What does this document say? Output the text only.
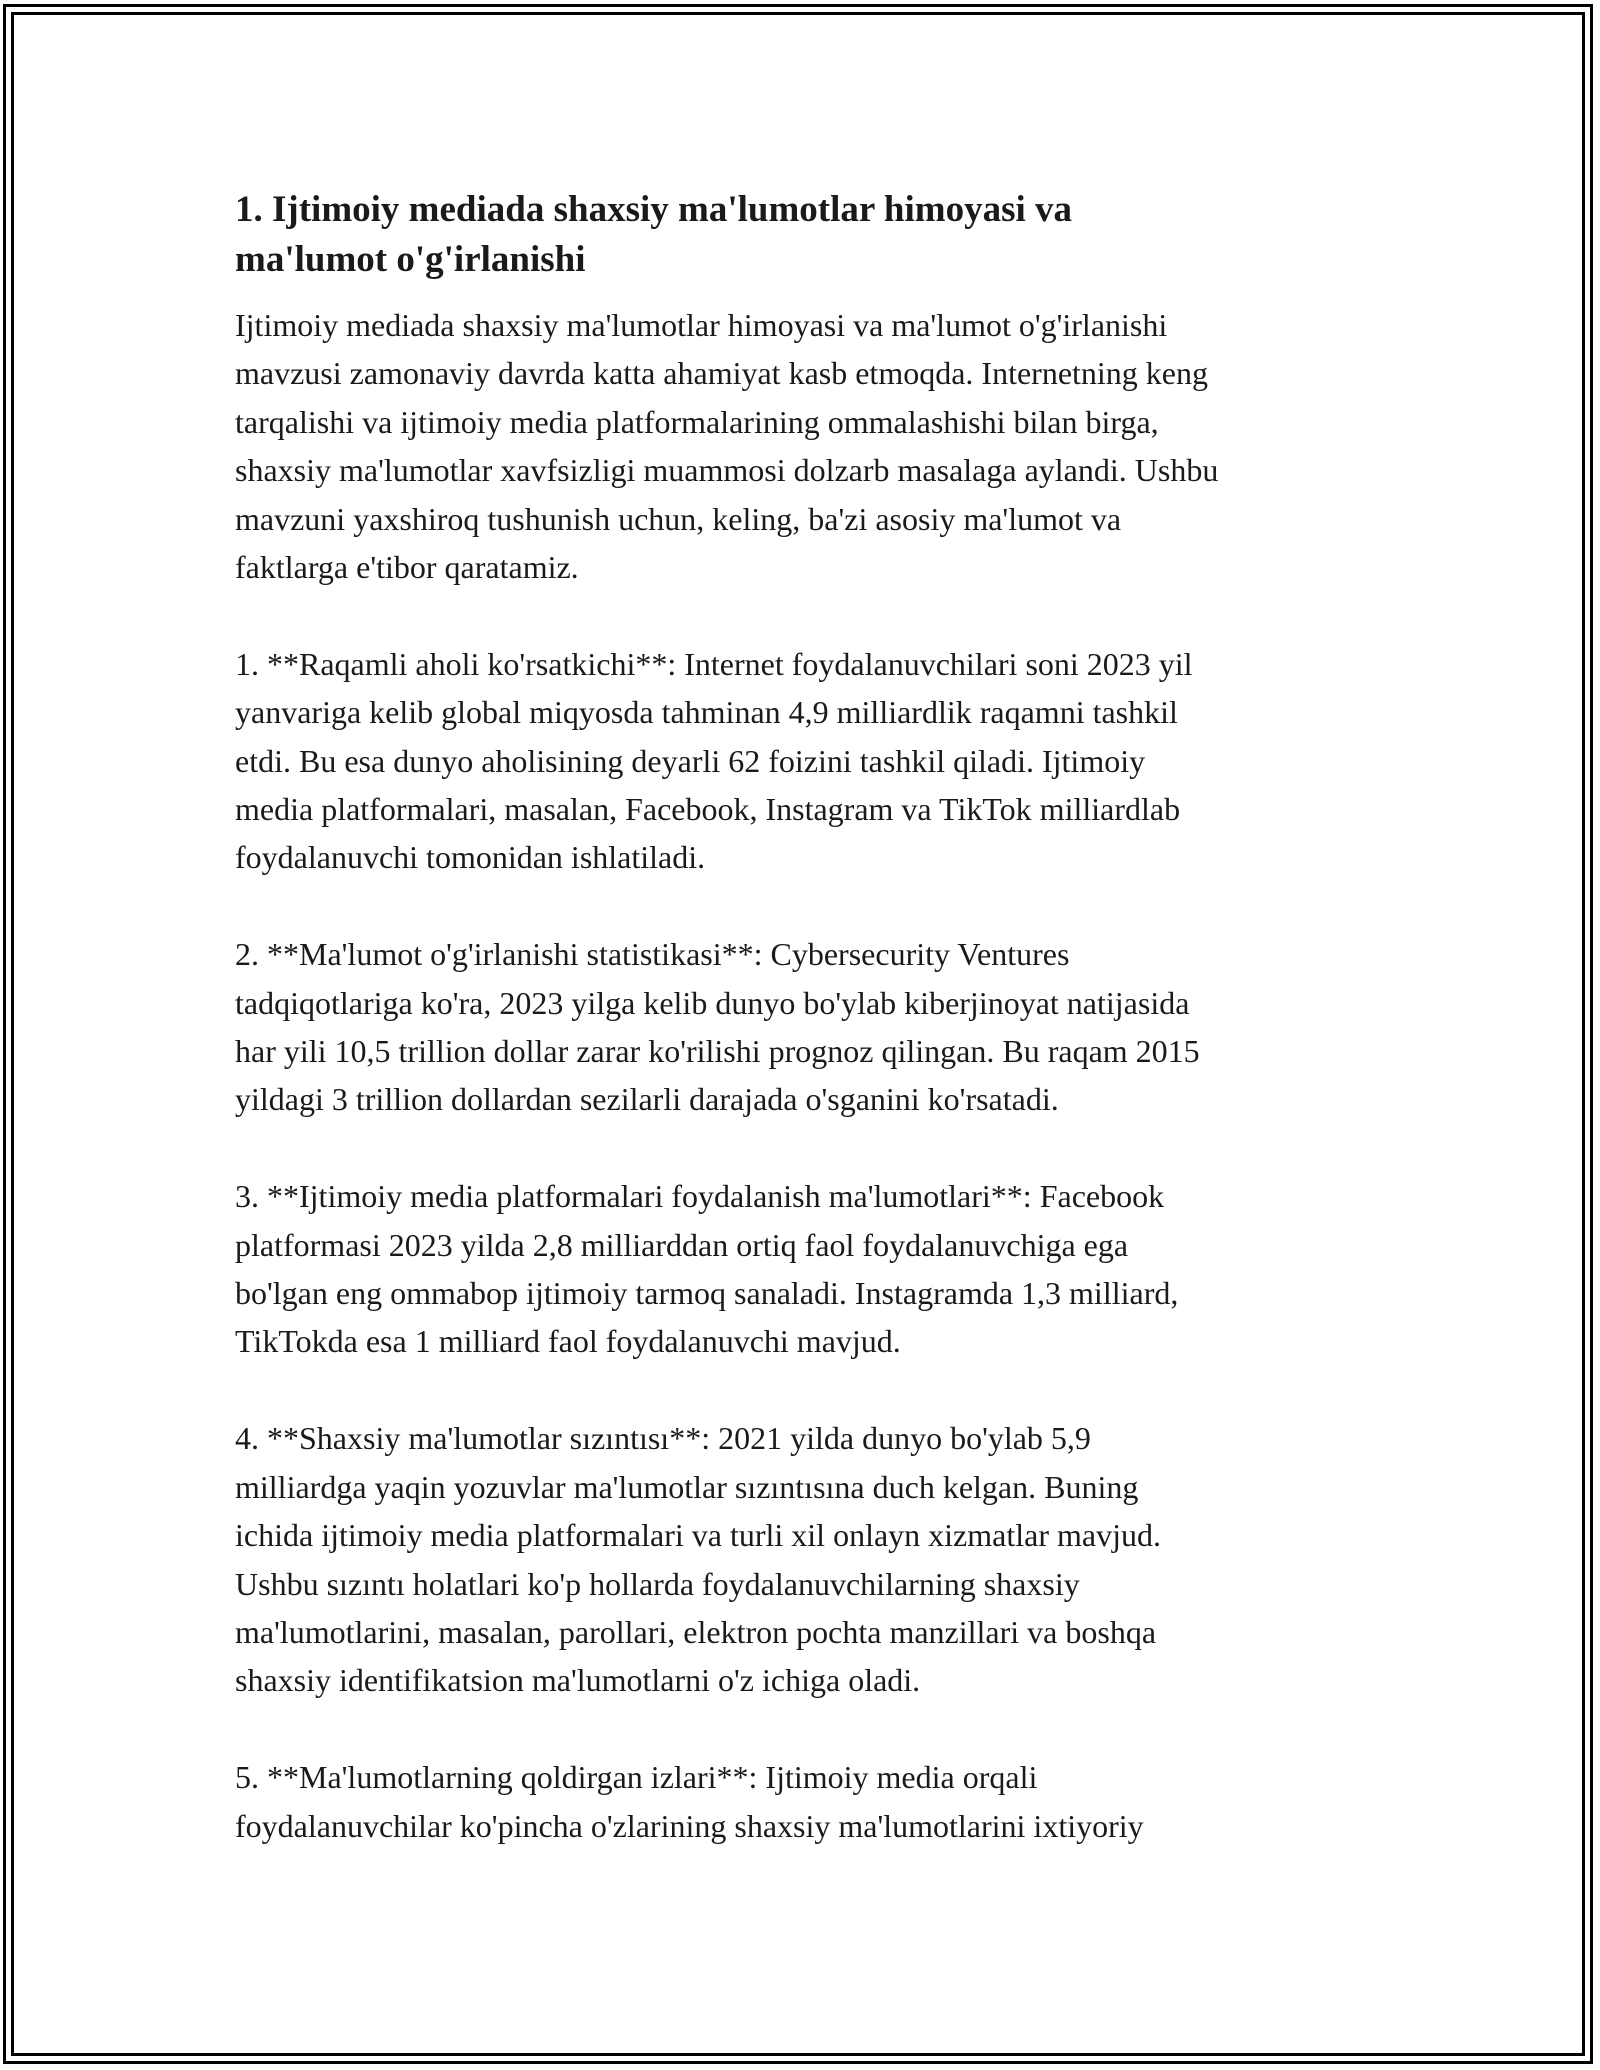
1. Ijtimoiy mediada shaxsiy ma'lumotlar himoyasi va
ma'lumot o'g'irlanishi

Ijtimoiy mediada shaxsiy ma'lumotlar himoyasi va ma'lumot o'g'irlanishi
mavzusi zamonaviy davrda katta ahamiyat kasb etmoqda. Internetning keng
tarqalishi va ijtimoiy media platformalarining ommalashishi bilan birga,
shaxsiy ma'lumotlar xavfsizligi muammosi dolzarb masalaga aylandi. Ushbu
mavzuni yaxshiroq tushunish uchun, keling, ba'zi asosiy ma'lumot va
faktlarga e'tibor qaratamiz.

1. **Raqamli aholi ko'rsatkichi**: Internet foydalanuvchilari soni 2023 yil
yanvariga kelib global miqyosda tahminan 4,9 milliardlik raqamni tashkil
etdi. Bu esa dunyo aholisining deyarli 62 foizini tashkil qiladi. Ijtimoiy
media platformalari, masalan, Facebook, Instagram va TikTok milliardlab
foydalanuvchi tomonidan ishlatiladi.

2. **Ma'lumot o'g'irlanishi statistikasi**: Cybersecurity Ventures
tadqiqotlariga ko'ra, 2023 yilga kelib dunyo bo'ylab kiberjinoyat natijasida
har yili 10,5 trillion dollar zarar ko'rilishi prognoz qilingan. Bu raqam 2015
yildagi 3 trillion dollardan sezilarli darajada o'sganini ko'rsatadi.

3. **Ijtimoiy media platformalari foydalanish ma'lumotlari**: Facebook
platformasi 2023 yilda 2,8 milliarddan ortiq faol foydalanuvchiga ega
bo'lgan eng ommabop ijtimoiy tarmoq sanaladi. Instagramda 1,3 milliard,
TikTokda esa 1 milliard faol foydalanuvchi mavjud.

4. **Shaxsiy ma'lumotlar sızıntısı**: 2021 yilda dunyo bo'ylab 5,9
milliardga yaqin yozuvlar ma'lumotlar sızıntısına duch kelgan. Buning
ichida ijtimoiy media platformalari va turli xil onlayn xizmatlar mavjud.
Ushbu sızıntı holatlari ko'p hollarda foydalanuvchilarning shaxsiy
ma'lumotlarini, masalan, parollari, elektron pochta manzillari va boshqa
shaxsiy identifikatsion ma'lumotlarni o'z ichiga oladi.

5. **Ma'lumotlarning qoldirgan izlari**: Ijtimoiy media orqali
foydalanuvchilar ko'pincha o'zlarining shaxsiy ma'lumotlarini ixtiyoriy
